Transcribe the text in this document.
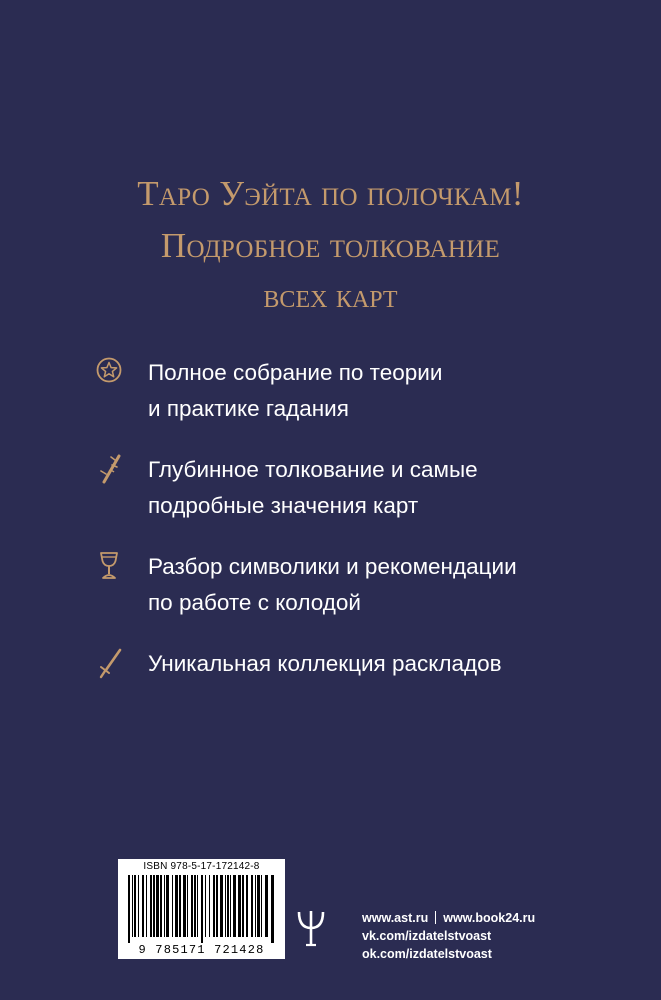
Таро Уэйта по полочкам!
Подробное толкование
всех карт
Полное собрание по теории
и практике гадания
Глубинное толкование и самые
подробные значения карт
Разбор символики и рекомендации
по работе с колодой
Уникальная коллекция раскладов
ISBN 978-5-17-172142-8
9 785171 721428
www.ast.ru www.book24.ru
vk.com/izdatelstvoast
ok.com/izdatelstvoast
